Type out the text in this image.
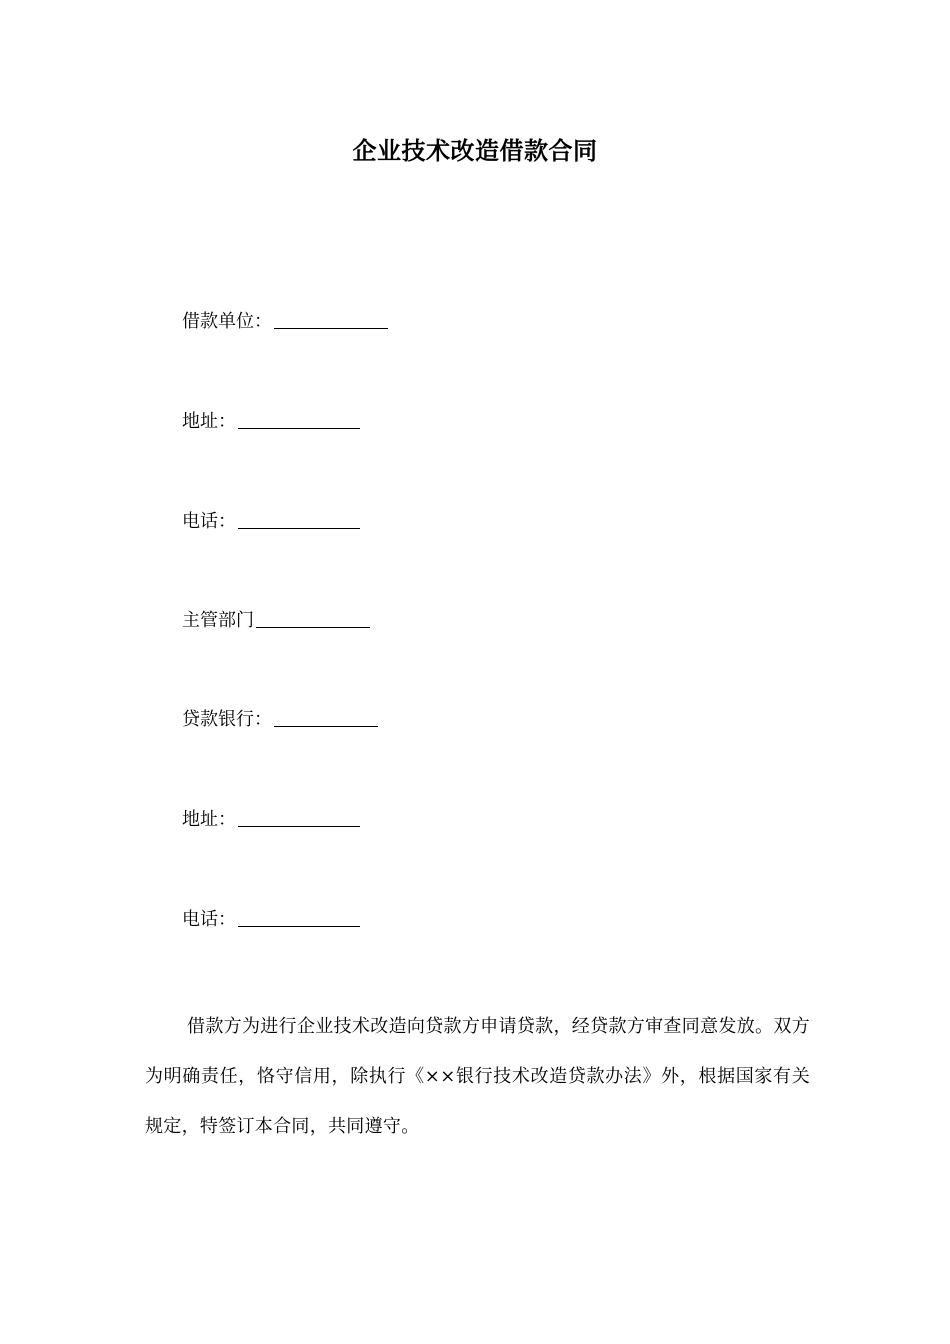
企业技术改造借款合同
借款单位：
地址：
电话：
主管部门
贷款银行：
地址：
电话：
借款方为进行企业技术改造向贷款方申请贷款，经贷款方审查同意发放。双方为明确责任，恪守信用，除执行《××银行技术改造贷款办法》外，根据国家有关规定，特签订本合同，共同遵守。
